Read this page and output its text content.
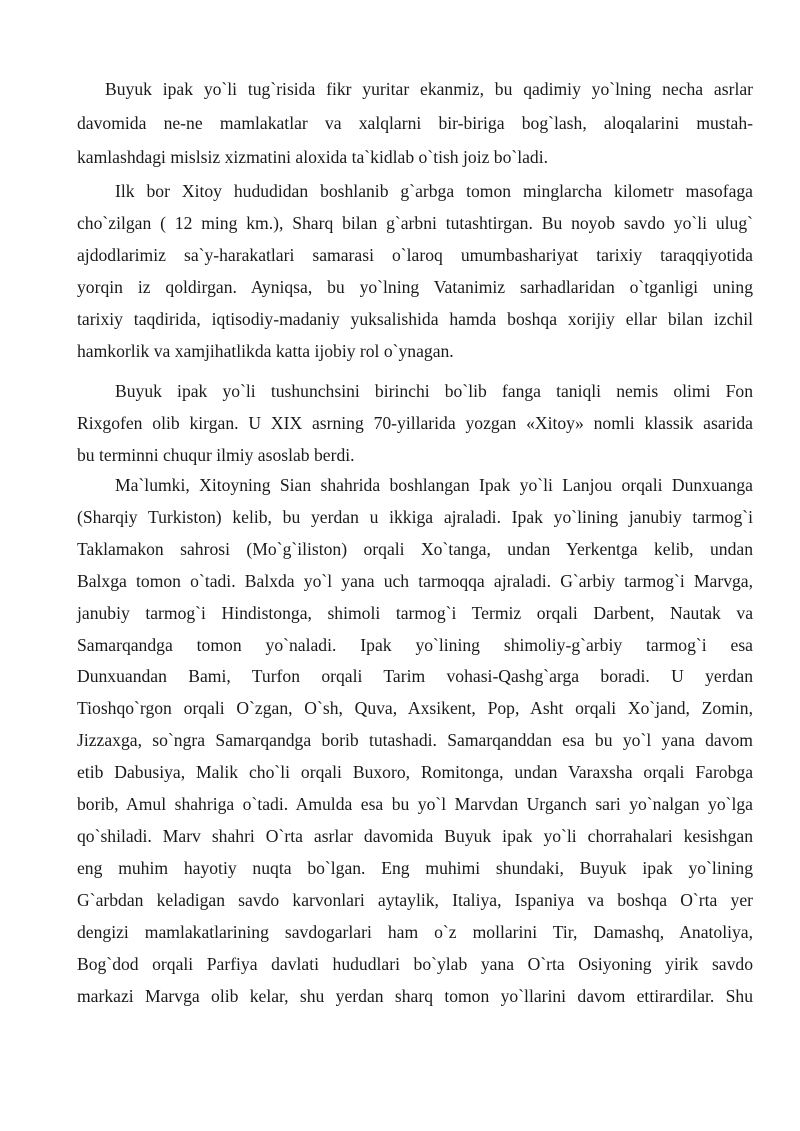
Buyuk ipak yo`li tug`risida fikr yuritar ekanmiz, bu qadimiy yo`lning necha asrlar
davomida ne-ne mamlakatlar va xalqlarni bir-biriga bog`lash, aloqalarini mustah-
kamlashdagi mislsiz xizmatini aloxida ta`kidlab o`tish joiz bo`ladi.
Ilk bor Xitoy hududidan boshlanib g`arbga tomon minglarcha kilometr masofaga
cho`zilgan ( 12 ming km.), Sharq bilan g`arbni tutashtirgan. Bu noyob savdo yo`li ulug`
ajdodlarimiz sa`y-harakatlari samarasi o`laroq umumbashariyat tarixiy taraqqiyotida
yorqin iz qoldirgan. Ayniqsa, bu yo`lning Vatanimiz sarhadlaridan o`tganligi uning
tarixiy taqdirida, iqtisodiy-madaniy yuksalishida hamda boshqa xorijiy ellar bilan izchil
hamkorlik va xamjihatlikda katta ijobiy rol o`ynagan.
Buyuk ipak yo`li tushunchsini birinchi bo`lib fanga taniqli nemis olimi Fon
Rixgofen olib kirgan. U XIX asrning 70-yillarida yozgan «Xitoy» nomli klassik asarida
bu terminni chuqur ilmiy asoslab berdi.
Ma`lumki, Xitoyning Sian shahrida boshlangan Ipak yo`li Lanjou orqali Dunxuanga
(Sharqiy Turkiston) kelib, bu yerdan u ikkiga ajraladi. Ipak yo`lining janubiy tarmog`i
Taklamakon sahrosi (Mo`g`iliston) orqali Xo`tanga, undan Yerkentga kelib, undan
Balxga tomon o`tadi. Balxda yo`l yana uch tarmoqqa ajraladi. G`arbiy tarmog`i Marvga,
janubiy tarmog`i Hindistonga, shimoli tarmog`i Termiz orqali Darbent, Nautak va
Samarqandga tomon yo`naladi. Ipak yo`lining shimoliy-g`arbiy tarmog`i esa
Dunxuandan Bami, Turfon orqali Tarim vohasi-Qashg`arga boradi. U yerdan
Tioshqo`rgon orqali O`zgan, O`sh, Quva, Axsikent, Pop, Asht orqali Xo`jand, Zomin,
Jizzaxga, so`ngra Samarqandga borib tutashadi. Samarqanddan esa bu yo`l yana davom
etib Dabusiya, Malik cho`li orqali Buxoro, Romitonga, undan Varaxsha orqali Farobga
borib, Amul shahriga o`tadi. Amulda esa bu yo`l Marvdan Urganch sari yo`nalgan yo`lga
qo`shiladi. Marv shahri O`rta asrlar davomida Buyuk ipak yo`li chorrahalari kesishgan
eng muhim hayotiy nuqta bo`lgan. Eng muhimi shundaki, Buyuk ipak yo`lining
G`arbdan keladigan savdo karvonlari aytaylik, Italiya, Ispaniya va boshqa O`rta yer
dengizi mamlakatlarining savdogarlari ham o`z mollarini Tir, Damashq, Anatoliya,
Bog`dod orqali Parfiya davlati hududlari bo`ylab yana O`rta Osiyoning yirik savdo
markazi Marvga olib kelar, shu yerdan sharq tomon yo`llarini davom ettirardilar. Shu
